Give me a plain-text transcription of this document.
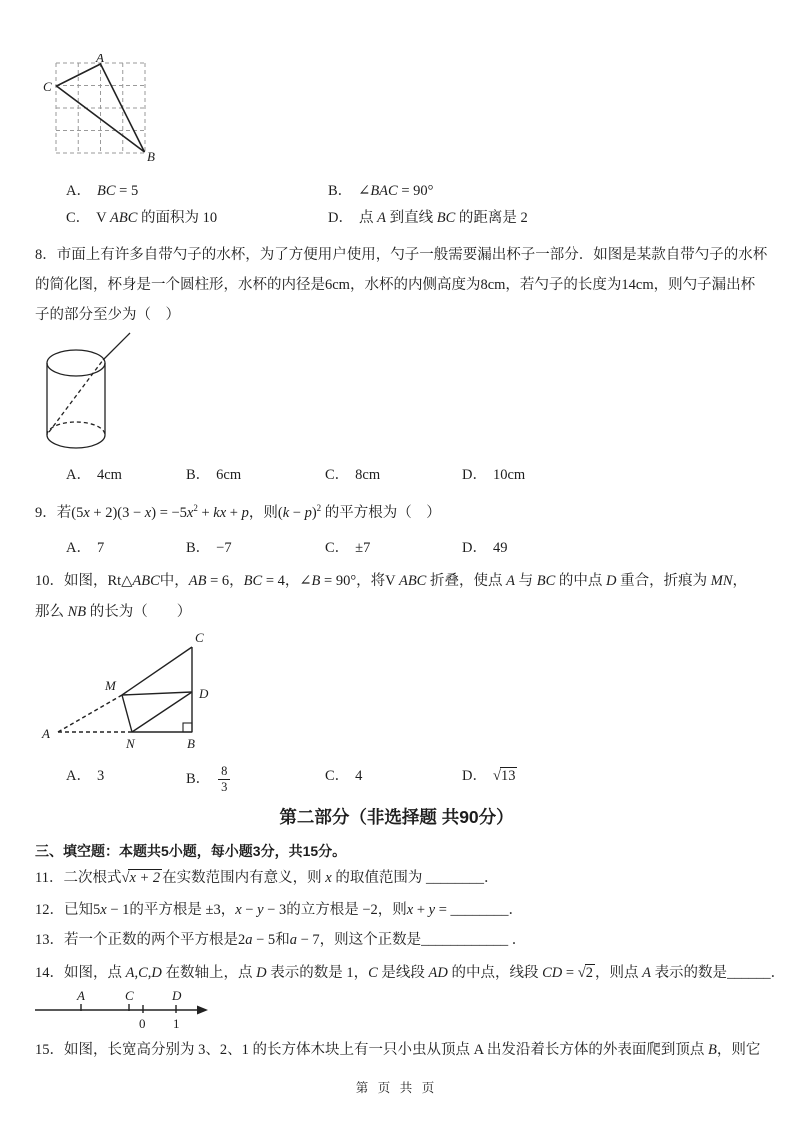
A
C
B
A． BC = 5	B． ∠BAC = 90°
C． V ABC 的面积为 10	D． 点 A 到直线 BC 的距离是 2
8．市面上有许多自带勺子的水杯，为了方便用户使用，勺子一般需要漏出杯子一部分．如图是某款自带勺子的水杯
的简化图，杯身是一个圆柱形，水杯的内径是6cm，水杯的内侧高度为8cm，若勺子的长度为14cm，则勺子漏出杯
子的部分至少为（　）
A． 4cm	B． 6cm	C． 8cm	D． 10cm
9．若$(5x + 2)(3 - x) = -5x^2$ + kx + p，则$(k - p)^2$ 的平方根为（　）
A． 7	B． −7	C． ±7	D． 49
10．如图，Rt△ABC中，AB = 6，BC = 4，∠B = 90°，将V ABC 折叠，使点 A 与 BC 的中点 D 重合，折痕为 MN，
那么 NB 的长为（　　）
C
D
M
A
N	B
A． 3	B． $\frac{8}{3}$	C． 4	D． √ 13
第二部分（非选择题 共90分）
三、填空题：本题共5小题，每小题3分，共15分。
11．二次根式 √ x + 2 在实数范围内有意义，则 x 的取值范围为 ________．
12．已知5x − 1的平方根是 ±3，x − y − 3的立方根是 −2，则x + y = ________．
13．若一个正数的两个平方根是2a − 5和a − 7，则这个正数是____________ ．
14．如图，点 A,C,D 在数轴上，点 D 表示的数是 1，C 是线段 AD 的中点，线段 CD = √ 2 ，则点 A 表示的数是______．
A	C	D
0 1
15．如图，长宽高分别为 3、2、1 的长方体木块上有一只小虫从顶点 A 出发沿着长方体的外表面爬到顶点 B，则它
第 页 共 页
